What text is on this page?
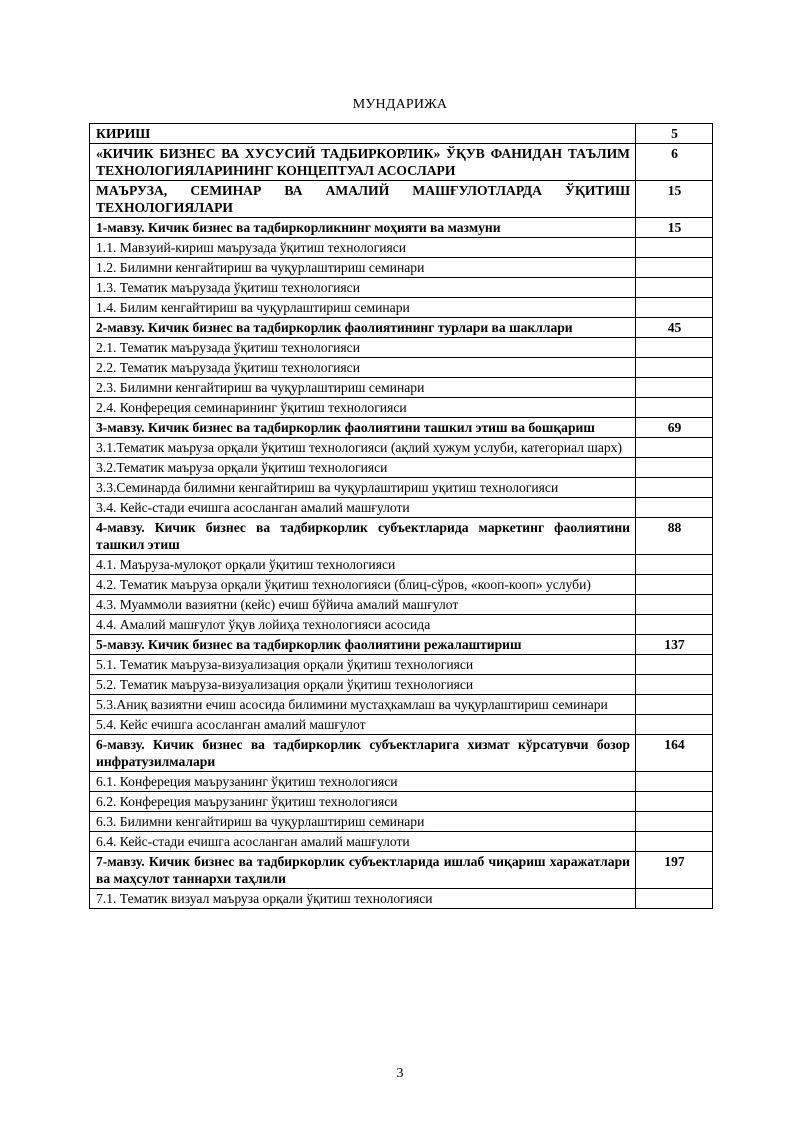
МУНДАРИЖА
КИРИШ	5
«КИЧИК БИЗНЕС ВА ХУСУСИЙ ТАДБИРКОРЛИК» ЎҚУВ ФАНИДАН ТАЪЛИМ ТЕХНОЛОГИЯЛАРИНИНГ КОНЦЕПТУАЛ АСОСЛАРИ	6
МАЪРУЗА, СЕМИНАР ВА АМАЛИЙ МАШҒУЛОТЛАРДА ЎҚИТИШ ТЕХНОЛОГИЯЛАРИ	15
1-мавзу. Кичик бизнес ва тадбиркорликнинг моҳияти ва мазмуни	15
1.1. Мавзуий-кириш маърузада ўқитиш технологияси	
1.2. Билимни кенгайтириш ва чуқурлаштириш семинари	
1.3. Тематик маърузада ўқитиш технологияси	
1.4. Билим кенгайтириш ва чуқурлаштириш семинари	
2-мавзу. Кичик бизнес ва тадбиркорлик фаолиятининг турлари ва шакллари	45
2.1. Тематик маърузада ўқитиш технологияси	
2.2. Тематик маърузада ўқитиш технологияси	
2.3. Билимни кенгайтириш ва чуқурлаштириш семинари	
2.4. Конфереция семинарининг ўқитиш технологияси	
3-мавзу. Кичик бизнес ва тадбиркорлик фаолиятини ташкил этиш ва бошқариш	69
3.1.Тематик маъруза орқали ўқитиш технологияси (ақлий хужум услуби, категориал шарх)	
3.2.Тематик маъруза орқали ўқитиш технологияси	
3.3.Семинарда билимни кенгайтириш ва чуқурлаштириш уқитиш технологияси	
3.4. Кейс-стади ечишга асосланган амалий машғулоти	
4-мавзу. Кичик бизнес ва тадбиркорлик субъектларида маркетинг фаолиятини ташкил этиш	88
4.1. Маъруза-мулоқот орқали ўқитиш технологияси	
4.2. Тематик маъруза орқали ўқитиш технологияси (блиц-сўров, «кооп-кооп» услуби)	
4.3. Муаммоли вазиятни (кейс) ечиш бўйича амалий машғулот	
4.4. Амалий машғулот ўқув лойиҳа технологияси асосида	
5-мавзу. Кичик бизнес ва тадбиркорлик фаолиятини режалаштириш	137
5.1. Тематик маъруза-визуализация орқали ўқитиш технологияси	
5.2. Тематик маъруза-визуализация орқали ўқитиш технологияси	
5.3.Аниқ вазиятни ечиш асосида билимини мустаҳкамлаш ва чуқурлаштириш семинари	
5.4. Кейс ечишга асосланган амалий машғулот	
6-мавзу. Кичик бизнес ва тадбиркорлик субъектларига хизмат кўрсатувчи бозор инфратузилмалари	164
6.1. Конфереция маърузанинг ўқитиш технологияси	
6.2. Конфереция маърузанинг ўқитиш технологияси	
6.3. Билимни кенгайтириш ва чуқурлаштириш семинари	
6.4. Кейс-стади ечишга асосланган амалий машғулоти	
7-мавзу. Кичик бизнес ва тадбиркорлик субъектларида ишлаб чиқариш харажатлари ва маҳсулот таннархи таҳлили	197
7.1. Тематик визуал маъруза орқали ўқитиш технологияси	
3
